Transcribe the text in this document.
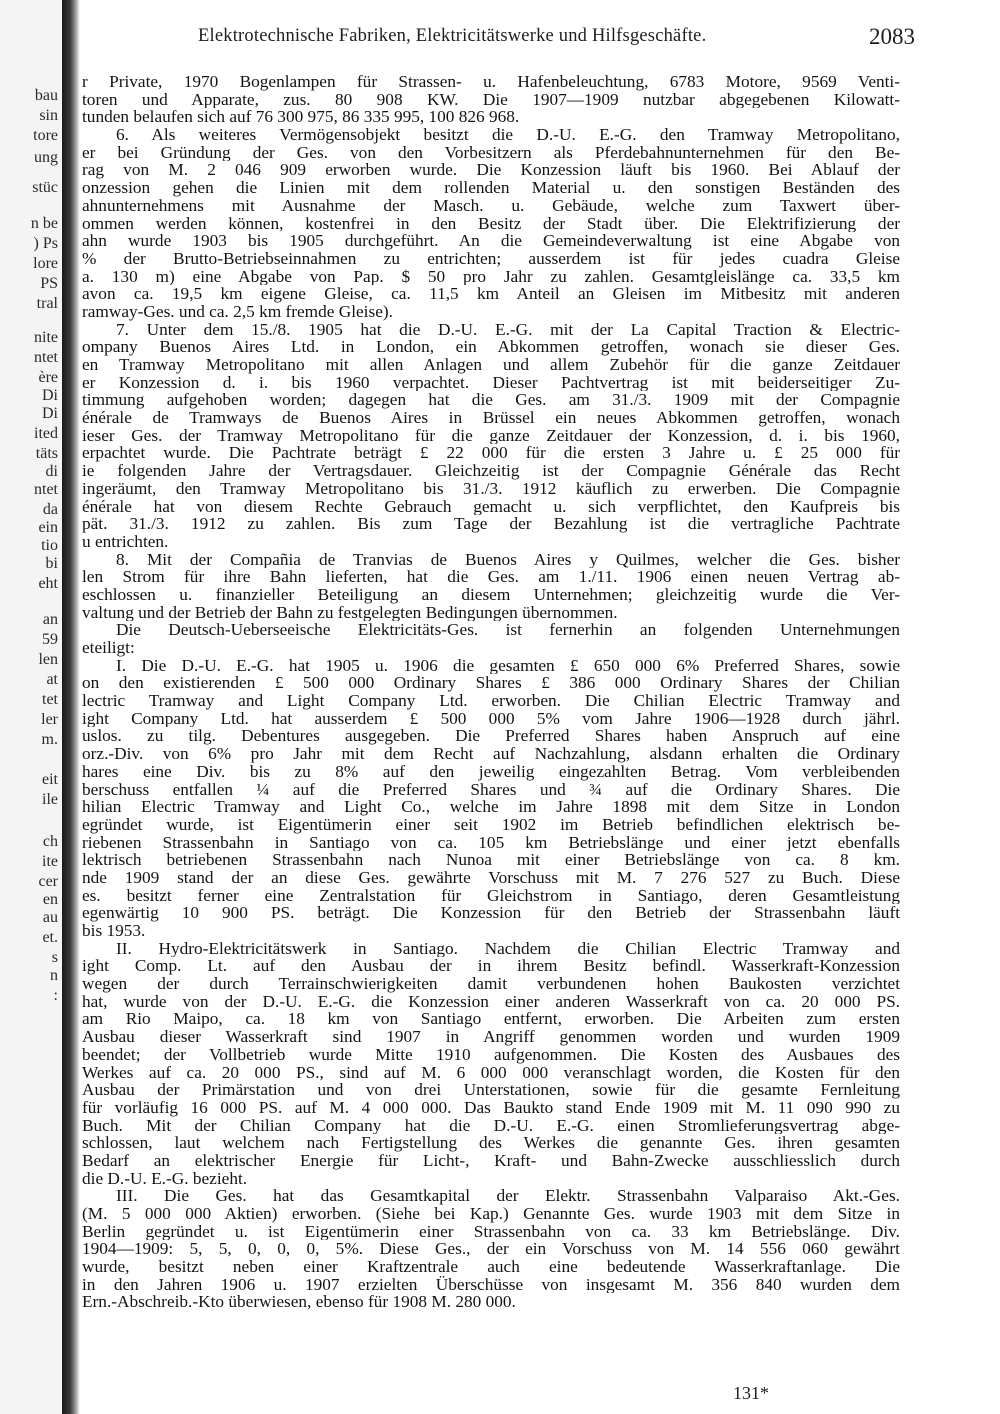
bau
sin
tore
ung
stüc
n be
) Ps
lore
PS
tral
nite
ntet
ère
Di
Di
ited
täts
di
ntet
da
ein
tio
bi
eht
an
59
len
at
tet
ler
m.
eit
ile
ch
ite
cer
en
au
et.
s
n
:
Elektrotechnische Fabriken, Elektricitätswerke und Hilfsgeschäfte.	2083
r Private, 1970 Bogenlampen für Strassen- u. Hafenbeleuchtung, 6783 Motore, 9569 Venti-
toren und Apparate, zus. 80 908 KW. Die 1907—1909 nutzbar abgegebenen Kilowatt-
tunden belaufen sich auf 76 300 975, 86 335 995, 100 826 968.
6. Als weiteres Vermögensobjekt besitzt die D.-U. E.-G. den Tramway Metropolitano,
er bei Gründung der Ges. von den Vorbesitzern als Pferdebahnunternehmen für den Be-
rag von M. 2 046 909 erworben wurde. Die Konzession läuft bis 1960. Bei Ablauf der
onzession gehen die Linien mit dem rollenden Material u. den sonstigen Beständen des
ahnunternehmens mit Ausnahme der Masch. u. Gebäude, welche zum Taxwert über-
ommen werden können, kostenfrei in den Besitz der Stadt über. Die Elektrifizierung der
ahn wurde 1903 bis 1905 durchgeführt. An die Gemeindeverwaltung ist eine Abgabe von
% der Brutto-Betriebseinnahmen zu entrichten; ausserdem ist für jedes cuadra Gleise
a. 130 m) eine Abgabe von Pap. $ 50 pro Jahr zu zahlen. Gesamtgleislänge ca. 33,5 km
avon ca. 19,5 km eigene Gleise, ca. 11,5 km Anteil an Gleisen im Mitbesitz mit anderen
ramway-Ges. und ca. 2,5 km fremde Gleise).
7. Unter dem 15./8. 1905 hat die D.-U. E.-G. mit der La Capital Traction & Electric-
ompany Buenos Aires Ltd. in London, ein Abkommen getroffen, wonach sie dieser Ges.
en Tramway Metropolitano mit allen Anlagen und allem Zubehör für die ganze Zeitdauer
er Konzession d. i. bis 1960 verpachtet. Dieser Pachtvertrag ist mit beiderseitiger Zu-
timmung aufgehoben worden; dagegen hat die Ges. am 31./3. 1909 mit der Compagnie
énérale de Tramways de Buenos Aires in Brüssel ein neues Abkommen getroffen, wonach
ieser Ges. der Tramway Metropolitano für die ganze Zeitdauer der Konzession, d. i. bis 1960,
erpachtet wurde. Die Pachtrate beträgt £ 22 000 für die ersten 3 Jahre u. £ 25 000 für
ie folgenden Jahre der Vertragsdauer. Gleichzeitig ist der Compagnie Générale das Recht
ingeräumt, den Tramway Metropolitano bis 31./3. 1912 käuflich zu erwerben. Die Compagnie
énérale hat von diesem Rechte Gebrauch gemacht u. sich verpflichtet, den Kaufpreis bis
pät. 31./3. 1912 zu zahlen. Bis zum Tage der Bezahlung ist die vertragliche Pachtrate
u entrichten.
8. Mit der Compañia de Tranvias de Buenos Aires y Quilmes, welcher die Ges. bisher
len Strom für ihre Bahn lieferten, hat die Ges. am 1./11. 1906 einen neuen Vertrag ab-
eschlossen u. finanzieller Beteiligung an diesem Unternehmen; gleichzeitig wurde die Ver-
valtung und der Betrieb der Bahn zu festgelegten Bedingungen übernommen.
Die Deutsch-Ueberseeische Elektricitäts-Ges. ist fernerhin an folgenden Unternehmungen
eteiligt:
I. Die D.-U. E.-G. hat 1905 u. 1906 die gesamten £ 650 000 6% Preferred Shares, sowie
on den existierenden £ 500 000 Ordinary Shares £ 386 000 Ordinary Shares der Chilian
lectric Tramway and Light Company Ltd. erworben. Die Chilian Electric Tramway and
ight Company Ltd. hat ausserdem £ 500 000 5% vom Jahre 1906—1928 durch jährl.
uslos. zu tilg. Debentures ausgegeben. Die Preferred Shares haben Anspruch auf eine
orz.-Div. von 6% pro Jahr mit dem Recht auf Nachzahlung, alsdann erhalten die Ordinary
hares eine Div. bis zu 8% auf den jeweilig eingezahlten Betrag. Vom verbleibenden
berschuss entfallen ¼ auf die Preferred Shares und ¾ auf die Ordinary Shares. Die
hilian Electric Tramway and Light Co., welche im Jahre 1898 mit dem Sitze in London
egründet wurde, ist Eigentümerin einer seit 1902 im Betrieb befindlichen elektrisch be-
riebenen Strassenbahn in Santiago von ca. 105 km Betriebslänge und einer jetzt ebenfalls
lektrisch betriebenen Strassenbahn nach Nunoa mit einer Betriebslänge von ca. 8 km.
nde 1909 stand der an diese Ges. gewährte Vorschuss mit M. 7 276 527 zu Buch. Diese
es. besitzt ferner eine Zentralstation für Gleichstrom in Santiago, deren Gesamtleistung
egenwärtig 10 900 PS. beträgt. Die Konzession für den Betrieb der Strassenbahn läuft
bis 1953.
II. Hydro-Elektricitätswerk in Santiago. Nachdem die Chilian Electric Tramway and
ight Comp. Lt. auf den Ausbau der in ihrem Besitz befindl. Wasserkraft-Konzession
wegen der durch Terrainschwierigkeiten damit verbundenen hohen Baukosten verzichtet
hat, wurde von der D.-U. E.-G. die Konzession einer anderen Wasserkraft von ca. 20 000 PS.
am Rio Maipo, ca. 18 km von Santiago entfernt, erworben. Die Arbeiten zum ersten
Ausbau dieser Wasserkraft sind 1907 in Angriff genommen worden und wurden 1909
beendet; der Vollbetrieb wurde Mitte 1910 aufgenommen. Die Kosten des Ausbaues des
Werkes auf ca. 20 000 PS., sind auf M. 6 000 000 veranschlagt worden, die Kosten für den
Ausbau der Primärstation und von drei Unterstationen, sowie für die gesamte Fernleitung
für vorläufig 16 000 PS. auf M. 4 000 000. Das Baukto stand Ende 1909 mit M. 11 090 990 zu
Buch. Mit der Chilian Company hat die D.-U. E.-G. einen Stromlieferungsvertrag abge-
schlossen, laut welchem nach Fertigstellung des Werkes die genannte Ges. ihren gesamten
Bedarf an elektrischer Energie für Licht-, Kraft- und Bahn-Zwecke ausschliesslich durch
die D.-U. E.-G. bezieht.
III. Die Ges. hat das Gesamtkapital der Elektr. Strassenbahn Valparaiso Akt.-Ges.
(M. 5 000 000 Aktien) erworben. (Siehe bei Kap.) Genannte Ges. wurde 1903 mit dem Sitze in
Berlin gegründet u. ist Eigentümerin einer Strassenbahn von ca. 33 km Betriebslänge. Div.
1904—1909: 5, 5, 0, 0, 0, 5%. Diese Ges., der ein Vorschuss von M. 14 556 060 gewährt
wurde, besitzt neben einer Kraftzentrale auch eine bedeutende Wasserkraftanlage. Die
in den Jahren 1906 u. 1907 erzielten Überschüsse von insgesamt M. 356 840 wurden dem
Ern.-Abschreib.-Kto überwiesen, ebenso für 1908 M. 280 000.
131*
